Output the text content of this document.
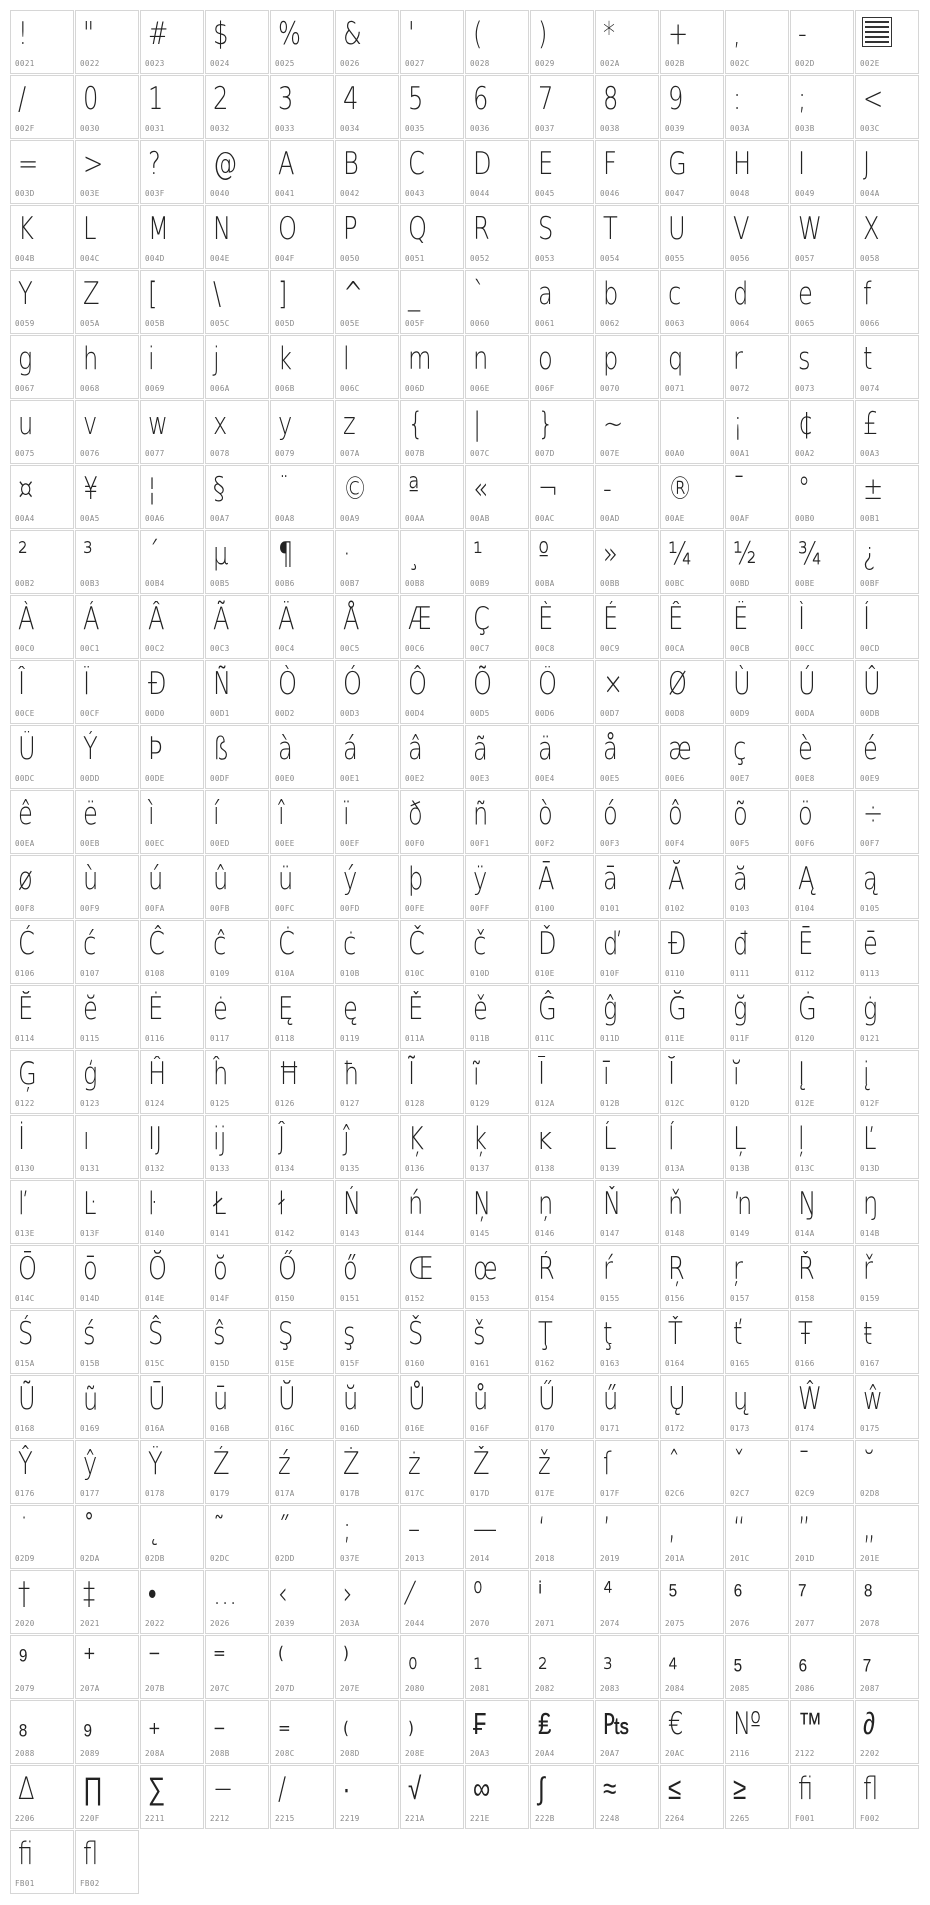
!
0021
"
0022
#
0023
$
0024
%
0025
&
0026
'
0027
(
0028
)
0029
*
002A
+
002B
,
002C
-
002D	002E
/
002F
0
0030
1
0031
2
0032
3
0033
4
0034
5
0035
6
0036
7
0037
8
0038
9
0039
:
003A
;
003B
<
003C
=
003D
>
003E
?
003F
@
0040
A
0041
B
0042
C
0043
D
0044
E
0045
F
0046
G
0047
H
0048
I
0049
J
004A
K
004B
L
004C
M
004D
N
004E
O
004F
P
0050
Q
0051
R
0052
S
0053
T
0054
U
0055
V
0056
W
0057
X
0058
Y
0059
Z
005A
[
005B
\
005C
]
005D
^
005E
_
005F
`
0060
a
0061
b
0062
c
0063
d
0064
e
0065
f
0066
g
0067
h
0068
i
0069
j
006A
k
006B
l
006C
m
006D
n
006E
o
006F
p
0070
q
0071
r
0072
s
0073
t
0074
u
0075
v
0076
w
0077
x
0078
y
0079
z
007A
{
007B
|
007C
}
007D
~
007E	00A0
¡
00A1
¢
00A2
£
00A3
¤
00A4
¥
00A5
¦
00A6
§
00A7
¨
00A8
©
00A9
ª
00AA
«
00AB
¬
00AC
-
00AD
®
00AE
¯
00AF
°
00B0
±
00B1
²
00B2
³
00B3
´
00B4
µ
00B5
¶
00B6
·
00B7
¸
00B8
¹
00B9
º
00BA
»
00BB
¼
00BC
½
00BD
¾
00BE
¿
00BF
À
00C0
Á
00C1
Â
00C2
Ã
00C3
Ä
00C4
Å
00C5
Æ
00C6
Ç
00C7
È
00C8
É
00C9
Ê
00CA
Ë
00CB
Ì
00CC
Í
00CD
Î
00CE
Ï
00CF
Ð
00D0
Ñ
00D1
Ò
00D2
Ó
00D3
Ô
00D4
Õ
00D5
Ö
00D6
×
00D7
Ø
00D8
Ù
00D9
Ú
00DA
Û
00DB
Ü
00DC
Ý
00DD
Þ
00DE
ß
00DF
à
00E0
á
00E1
â
00E2
ã
00E3
ä
00E4
å
00E5
æ
00E6
ç
00E7
è
00E8
é
00E9
ê
00EA
ë
00EB
ì
00EC
í
00ED
î
00EE
ï
00EF
ð
00F0
ñ
00F1
ò
00F2
ó
00F3
ô
00F4
õ
00F5
ö
00F6
÷
00F7
ø
00F8
ù
00F9
ú
00FA
û
00FB
ü
00FC
ý
00FD
þ
00FE
ÿ
00FF
Ā
0100
ā
0101
Ă
0102
ă
0103
Ą
0104
ą
0105
Ć
0106
ć
0107
Ĉ
0108
ĉ
0109
Ċ
010A
ċ
010B
Č
010C
č
010D
Ď
010E
ď
010F
Đ
0110
đ
0111
Ē
0112
ē
0113
Ĕ
0114
ĕ
0115
Ė
0116
ė
0117
Ę
0118
ę
0119
Ě
011A
ě
011B
Ĝ
011C
ĝ
011D
Ğ
011E
ğ
011F
Ġ
0120
ġ
0121
Ģ
0122
ģ
0123
Ĥ
0124
ĥ
0125
Ħ
0126
ħ
0127
Ĩ
0128
ĩ
0129
Ī
012A
ī
012B
Ĭ
012C
ĭ
012D
Į
012E
į
012F
İ
0130
ı
0131
Ĳ
0132
ĳ
0133
Ĵ
0134
ĵ
0135
Ķ
0136
ķ
0137
ĸ
0138
Ĺ
0139
ĺ
013A
Ļ
013B
ļ
013C
Ľ
013D
ľ
013E
Ŀ
013F
ŀ
0140
Ł
0141
ł
0142
Ń
0143
ń
0144
Ņ
0145
ņ
0146
Ň
0147
ň
0148
ŉ
0149
Ŋ
014A
ŋ
014B
Ō
014C
ō
014D
Ŏ
014E
ŏ
014F
Ő
0150
ő
0151
Œ
0152
œ
0153
Ŕ
0154
ŕ
0155
Ŗ
0156
ŗ
0157
Ř
0158
ř
0159
Ś
015A
ś
015B
Ŝ
015C
ŝ
015D
Ş
015E
ş
015F
Š
0160
š
0161
Ţ
0162
ţ
0163
Ť
0164
ť
0165
Ŧ
0166
ŧ
0167
Ũ
0168
ũ
0169
Ū
016A
ū
016B
Ŭ
016C
ŭ
016D
Ů
016E
ů
016F
Ű
0170
ű
0171
Ų
0172
ų
0173
Ŵ
0174
ŵ
0175
Ŷ
0176
ŷ
0177
Ÿ
0178
Ź
0179
ź
017A
Ż
017B
ż
017C
Ž
017D
ž
017E
ſ
017F
ˆ
02C6
ˇ
02C7
ˉ
02C9
˘
02D8
˙
02D9
˚
02DA
˛
02DB
˜
02DC
˝
02DD
;
037E
–
2013
—
2014
‘
2018
’
2019
‚
201A
“
201C
”
201D
„
201E
†
2020
‡
2021
•
2022
…
2026
‹
2039
›
203A
⁄
2044
⁰
2070
ⁱ
2071
⁴
2074
⁵
2075
⁶
2076
⁷
2077
⁸
2078
⁹
2079
⁺
207A
⁻
207B
⁼
207C
⁽
207D
⁾
207E
₀
2080
₁
2081
₂
2082
₃
2083
₄
2084
₅
2085
₆
2086
₇
2087
₈
2088
₉
2089
₊
208A
₋
208B
₌
208C
₍
208D
₎
208E
₣
20A3
₤
20A4
₧
20A7
€
20AC
№
2116
™
2122
∂
2202
∆
2206
∏
220F
∑
2211
−
2212
∕
2215
∙
2219
√
221A
∞
221E
∫
222B
≈
2248
≤
2264
≥
2265
ﬁ
F001
ﬂ
F002
ﬁ
FB01
ﬂ
FB02
